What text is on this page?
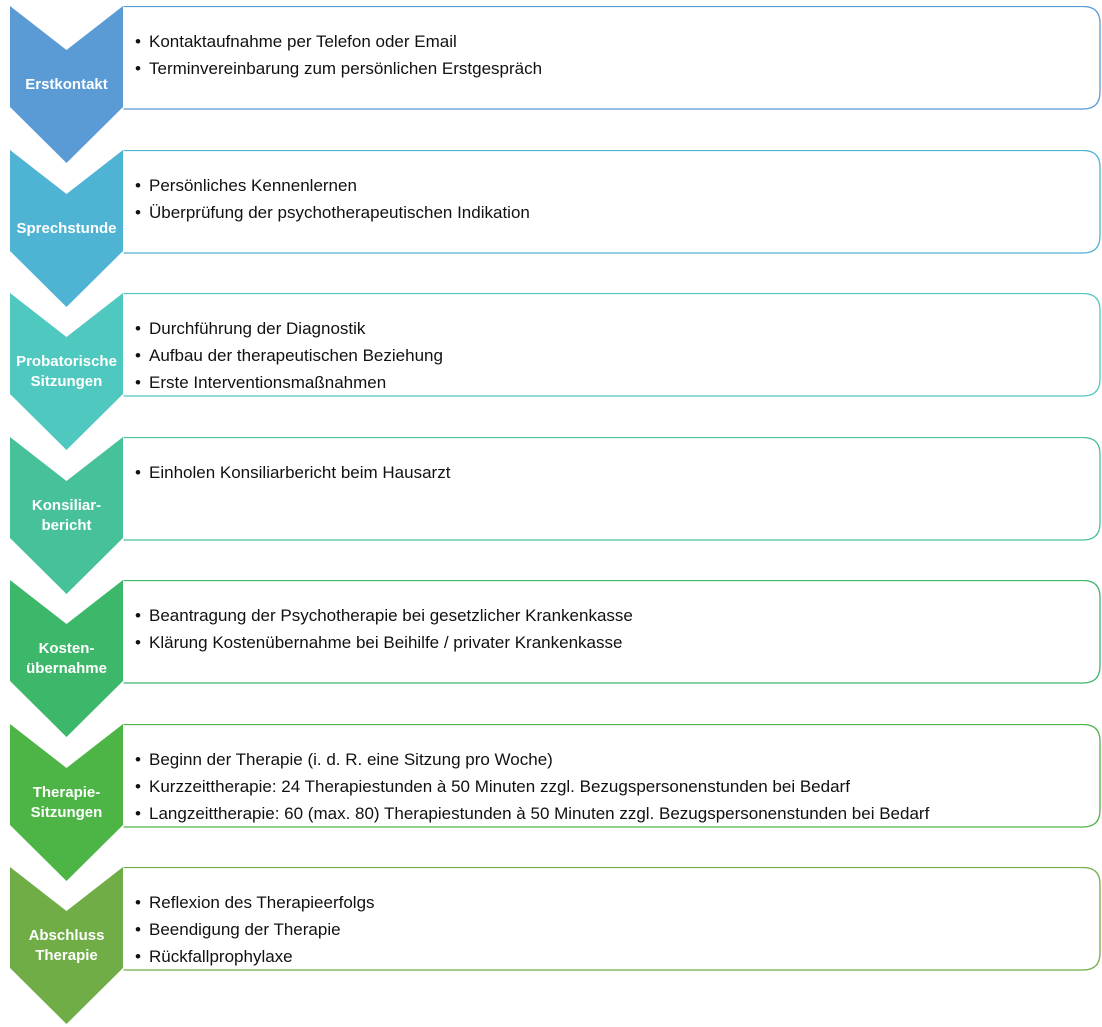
Erstkontakt
• Kontaktaufnahme per Telefon oder Email
• Terminvereinbarung zum persönlichen Erstgespräch
Sprechstunde
• Persönliches Kennenlernen
• Überprüfung der psychotherapeutischen Indikation
Probatorische
Sitzungen
• Durchführung der Diagnostik
• Aufbau der therapeutischen Beziehung
• Erste Interventionsmaßnahmen
Konsiliar-
bericht
• Einholen Konsiliarbericht beim Hausarzt
Kosten-
übernahme
• Beantragung der Psychotherapie bei gesetzlicher Krankenkasse
• Klärung Kostenübernahme bei Beihilfe / privater Krankenkasse
Therapie-
Sitzungen
• Beginn der Therapie (i. d. R. eine Sitzung pro Woche)
• Kurzzeittherapie: 24 Therapiestunden à 50 Minuten zzgl. Bezugspersonenstunden bei Bedarf
• Langzeittherapie: 60 (max. 80) Therapiestunden à 50 Minuten zzgl. Bezugspersonenstunden bei Bedarf
Abschluss
Therapie
• Reflexion des Therapieerfolgs
• Beendigung der Therapie
• Rückfallprophylaxe
